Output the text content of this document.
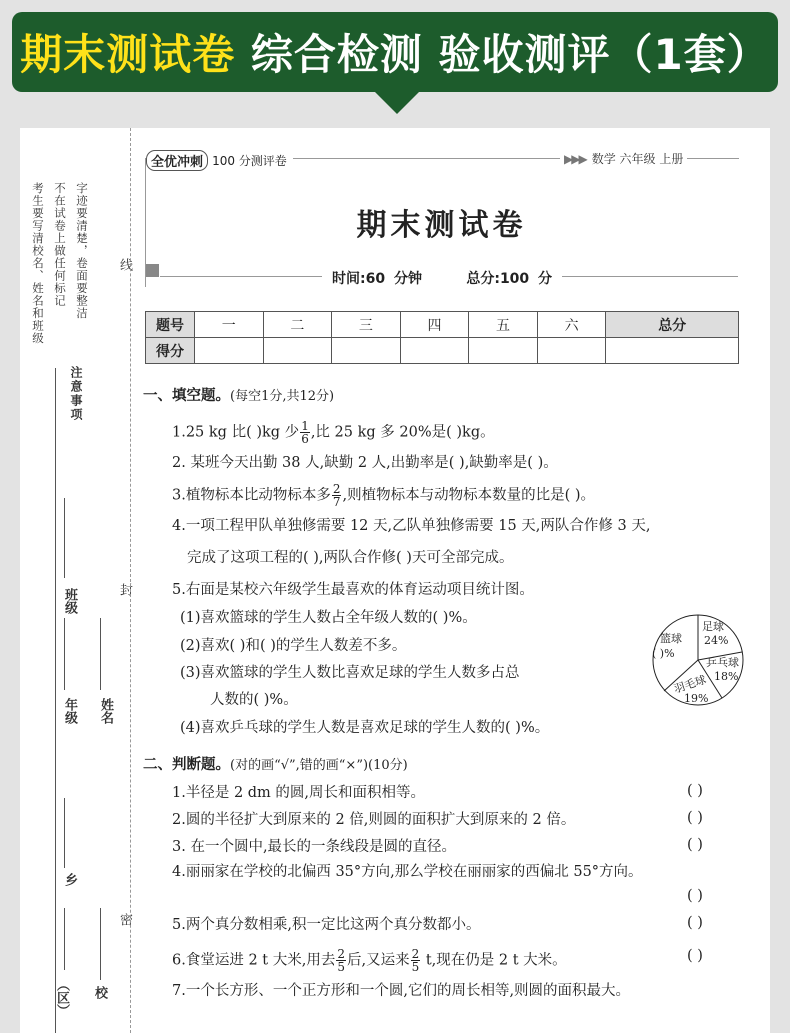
期末测试卷 综合检测 验收测评（1套）
考生要写清校名、姓名和班级 不在试卷上做任何标记 字迹要清楚，卷面要整洁
注意事项
线
封
密
班级
年级 姓名
乡
（区） 校
全 优 冲 刺 100 分测评卷	▶▶▶ 数学 六年级 上册
期末测试卷
时间:60 分钟	总分:100 分
题号	一	二	三	四	五	六	总分
得分							
一、填空题。(每空1分,共12分)
1.25 kg 比( )kg 少 $\frac{1}{6}$ ,比 25 kg 多 20%是( )kg。
2. 某班今天出勤 38 人,缺勤 2 人,出勤率是( ),缺勤率是( )。
3.植物标本比动物标本多 $\frac{2}{7}$ ,则植物标本与动物标本数量的比是( )。
4.一项工程甲队单独修需要 12 天,乙队单独修需要 15 天,两队合作修 3 天,
完成了这项工程的( ),两队合作修( )天可全部完成。
5.右面是某校六年级学生最喜欢的体育运动项目统计图。
(1)喜欢篮球的学生人数占全年级人数的( )%。
(2)喜欢( )和( )的学生人数差不多。
(3)喜欢篮球的学生人数比喜欢足球的学生人数多占总
人数的( )%。
(4)喜欢乒乓球的学生人数是喜欢足球的学生人数的( )%。
足球
24%
篮球
( )%
乒乓球
18%
羽毛球
19%
二、判断题。(对的画“√”,错的画“×”)(10分)
1.半径是 2 dm 的圆,周长和面积相等。	( )
2.圆的半径扩大到原来的 2 倍,则圆的面积扩大到原来的 2 倍。	( )
3. 在一个圆中,最长的一条线段是圆的直径。	( )
4.丽丽家在学校的北偏西 35°方向,那么学校在丽丽家的西偏北 55°方向。
( )
5.两个真分数相乘,积一定比这两个真分数都小。	( )
6.食堂运进 2 t 大米,用去 $\frac{2}{5}$ 后,又运来 $\frac{2}{5} t$,现在仍是 2 t 大米。	( )
7.一个长方形、一个正方形和一个圆,它们的周长相等,则圆的面积最大。
